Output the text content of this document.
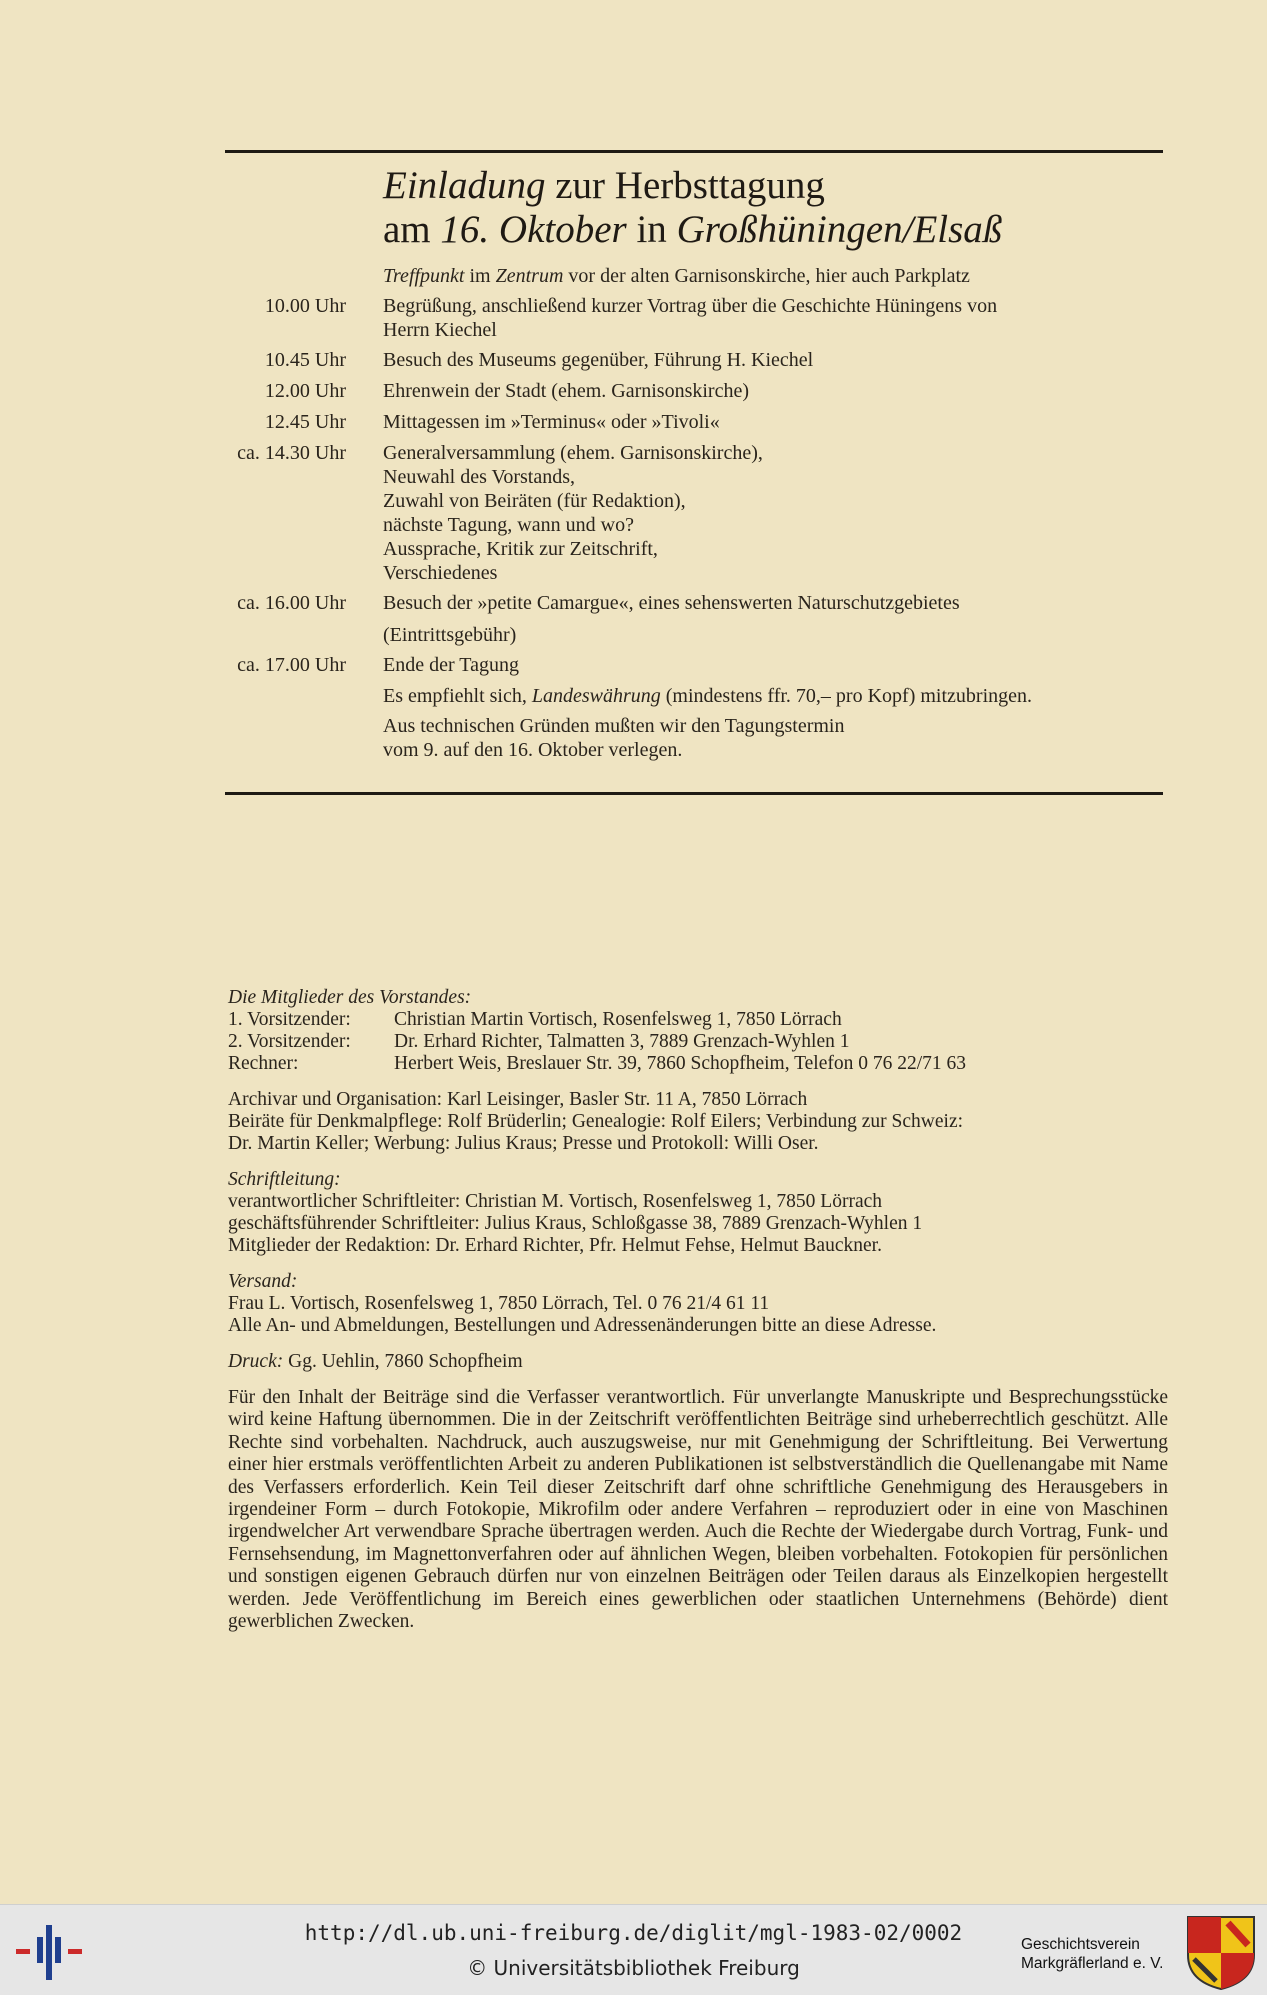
Einladung zur Herbsttagung
am 16. Oktober in Großhüningen/Elsaß
Treffpunkt im Zentrum vor der alten Garnisonskirche, hier auch Parkplatz
10.00 Uhr	Begrüßung, anschließend kurzer Vortrag über die Geschichte Hüningens von
Herrn Kiechel
10.45 Uhr	Besuch des Museums gegenüber, Führung H. Kiechel
12.00 Uhr	Ehrenwein der Stadt (ehem. Garnisonskirche)
12.45 Uhr	Mittagessen im »Terminus« oder »Tivoli«
ca. 14.30 Uhr	Generalversammlung (ehem. Garnisonskirche),
Neuwahl des Vorstands,
Zuwahl von Beiräten (für Redaktion),
nächste Tagung, wann und wo?
Aussprache, Kritik zur Zeitschrift,
Verschiedenes
ca. 16.00 Uhr	Besuch der »petite Camargue«, eines sehenswerten Naturschutzgebietes
(Eintrittsgebühr)
ca. 17.00 Uhr	Ende der Tagung
Es empfiehlt sich, Landeswährung (mindestens ffr. 70,– pro Kopf) mitzubringen.
Aus technischen Gründen mußten wir den Tagungstermin
vom 9. auf den 16. Oktober verlegen.

Die Mitglieder des Vorstandes:
1. Vorsitzender: Christian Martin Vortisch, Rosenfelsweg 1, 7850 Lörrach
2. Vorsitzender: Dr. Erhard Richter, Talmatten 3, 7889 Grenzach-Wyhlen 1
Rechner:	Herbert Weis, Breslauer Str. 39, 7860 Schopfheim, Telefon 0 76 22/71 63

Archivar und Organisation: Karl Leisinger, Basler Str. 11 A, 7850 Lörrach
Beiräte für Denkmalpflege: Rolf Brüderlin; Genealogie: Rolf Eilers; Verbindung zur Schweiz:
Dr. Martin Keller; Werbung: Julius Kraus; Presse und Protokoll: Willi Oser.

Schriftleitung:
verantwortlicher Schriftleiter: Christian M. Vortisch, Rosenfelsweg 1, 7850 Lörrach
geschäftsführender Schriftleiter: Julius Kraus, Schloßgasse 38, 7889 Grenzach-Wyhlen 1
Mitglieder der Redaktion: Dr. Erhard Richter, Pfr. Helmut Fehse, Helmut Bauckner.

Versand:
Frau L. Vortisch, Rosenfelsweg 1, 7850 Lörrach, Tel. 0 76 21/4 61 11
Alle An- und Abmeldungen, Bestellungen und Adressenänderungen bitte an diese Adresse.

Druck: Gg. Uehlin, 7860 Schopfheim

Für den Inhalt der Beiträge sind die Verfasser verantwortlich. Für unverlangte Manuskripte und Besprechungsstücke wird keine Haftung übernommen. Die in der Zeitschrift veröffentlichten Beiträge sind urheberrechtlich geschützt. Alle Rechte sind vorbehalten. Nachdruck, auch auszugsweise, nur mit Genehmigung der Schriftleitung. Bei Verwertung einer hier erstmals veröffentlichten Arbeit zu anderen Publikationen ist selbstverständlich die Quellenangabe mit Name des Verfassers erforderlich. Kein Teil dieser Zeitschrift darf ohne schriftliche Genehmigung des Herausgebers in irgendeiner Form – durch Fotokopie, Mikrofilm oder andere Verfahren – reproduziert oder in eine von Maschinen irgendwelcher Art verwendbare Sprache übertragen werden. Auch die Rechte der Wiedergabe durch Vortrag, Funk- und Fernsehsendung, im Magnettonverfahren oder auf ähnlichen Wegen, bleiben vorbehalten. Fotokopien für persönlichen und sonstigen eigenen Gebrauch dürfen nur von einzelnen Beiträgen oder Teilen daraus als Einzelkopien hergestellt werden. Jede Veröffentlichung im Bereich eines gewerblichen oder staatlichen Unternehmens (Behörde) dient gewerblichen Zwecken.

http://dl.ub.uni-freiburg.de/diglit/mgl-1983-02/0002
© Universitätsbibliothek Freiburg
Geschichtsverein
Markgräflerland e. V.
